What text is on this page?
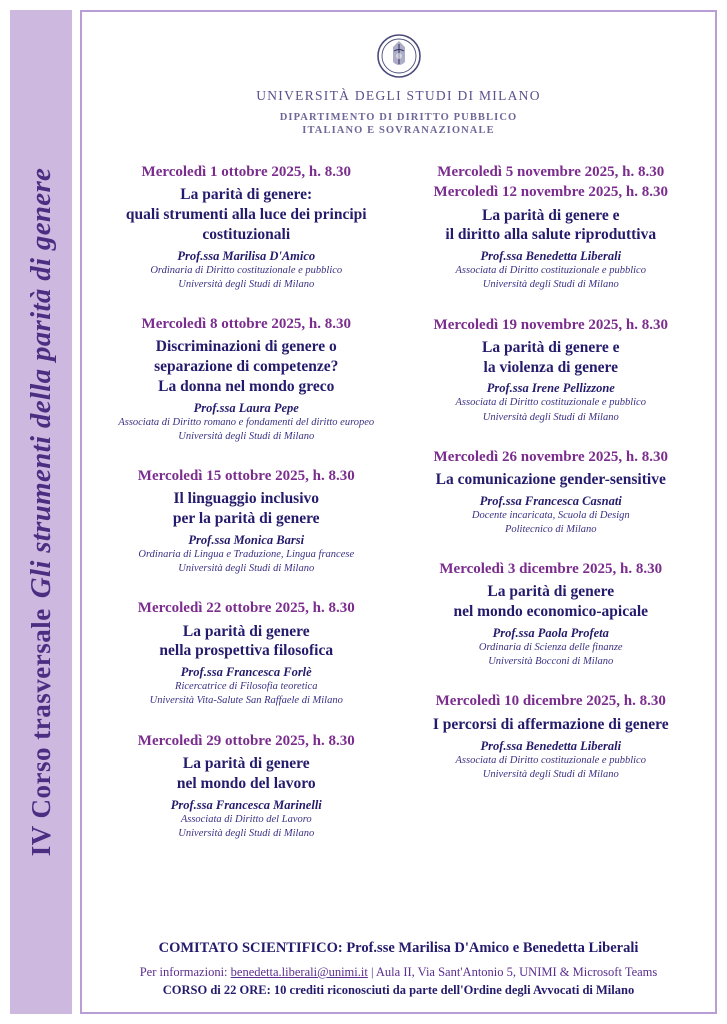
IV Corso trasversale
Gli strumenti della parità di genere
UNIVERSITÀ DEGLI STUDI DI MILANO
DIPARTIMENTO DI DIRITTO PUBBLICO
ITALIANO E SOVRANAZIONALE
Mercoledì 1 ottobre 2025, h. 8.30
La parità di genere:
quali strumenti alla luce dei principi
costituzionali
Prof.ssa Marilisa D'Amico
Ordinaria di Diritto costituzionale e pubblico
Università degli Studi di Milano
Mercoledì 8 ottobre 2025, h. 8.30
Discriminazioni di genere o
separazione di competenze?
La donna nel mondo greco
Prof.ssa Laura Pepe
Associata di Diritto romano e fondamenti del diritto europeo
Università degli Studi di Milano
Mercoledì 15 ottobre 2025, h. 8.30
Il linguaggio inclusivo
per la parità di genere
Prof.ssa Monica Barsi
Ordinaria di Lingua e Traduzione, Lingua francese
Università degli Studi di Milano
Mercoledì 22 ottobre 2025, h. 8.30
La parità di genere
nella prospettiva filosofica
Prof.ssa Francesca Forlè
Ricercatrice di Filosofia teoretica
Università Vita-Salute San Raffaele di Milano
Mercoledì 29 ottobre 2025, h. 8.30
La parità di genere
nel mondo del lavoro
Prof.ssa Francesca Marinelli
Associata di Diritto del Lavoro
Università degli Studi di Milano
Mercoledì 5 novembre 2025, h. 8.30
Mercoledì 12 novembre 2025, h. 8.30
La parità di genere e
il diritto alla salute riproduttiva
Prof.ssa Benedetta Liberali
Associata di Diritto costituzionale e pubblico
Università degli Studi di Milano
Mercoledì 19 novembre 2025, h. 8.30
La parità di genere e
la violenza di genere
Prof.ssa Irene Pellizzone
Associata di Diritto costituzionale e pubblico
Università degli Studi di Milano
Mercoledì 26 novembre 2025, h. 8.30
La comunicazione gender-sensitive
Prof.ssa Francesca Casnati
Docente incaricata, Scuola di Design
Politecnico di Milano
Mercoledì 3 dicembre 2025, h. 8.30
La parità di genere
nel mondo economico-apicale
Prof.ssa Paola Profeta
Ordinaria di Scienza delle finanze
Università Bocconi di Milano
Mercoledì 10 dicembre 2025, h. 8.30
I percorsi di affermazione di genere
Prof.ssa Benedetta Liberali
Associata di Diritto costituzionale e pubblico
Università degli Studi di Milano
COMITATO SCIENTIFICO: Prof.sse Marilisa D'Amico e Benedetta Liberali
Per informazioni: benedetta.liberali@unimi.it | Aula II, Via Sant'Antonio 5, UNIMI & Microsoft Teams
CORSO di 22 ORE: 10 crediti riconosciuti da parte dell'Ordine degli Avvocati di Milano
